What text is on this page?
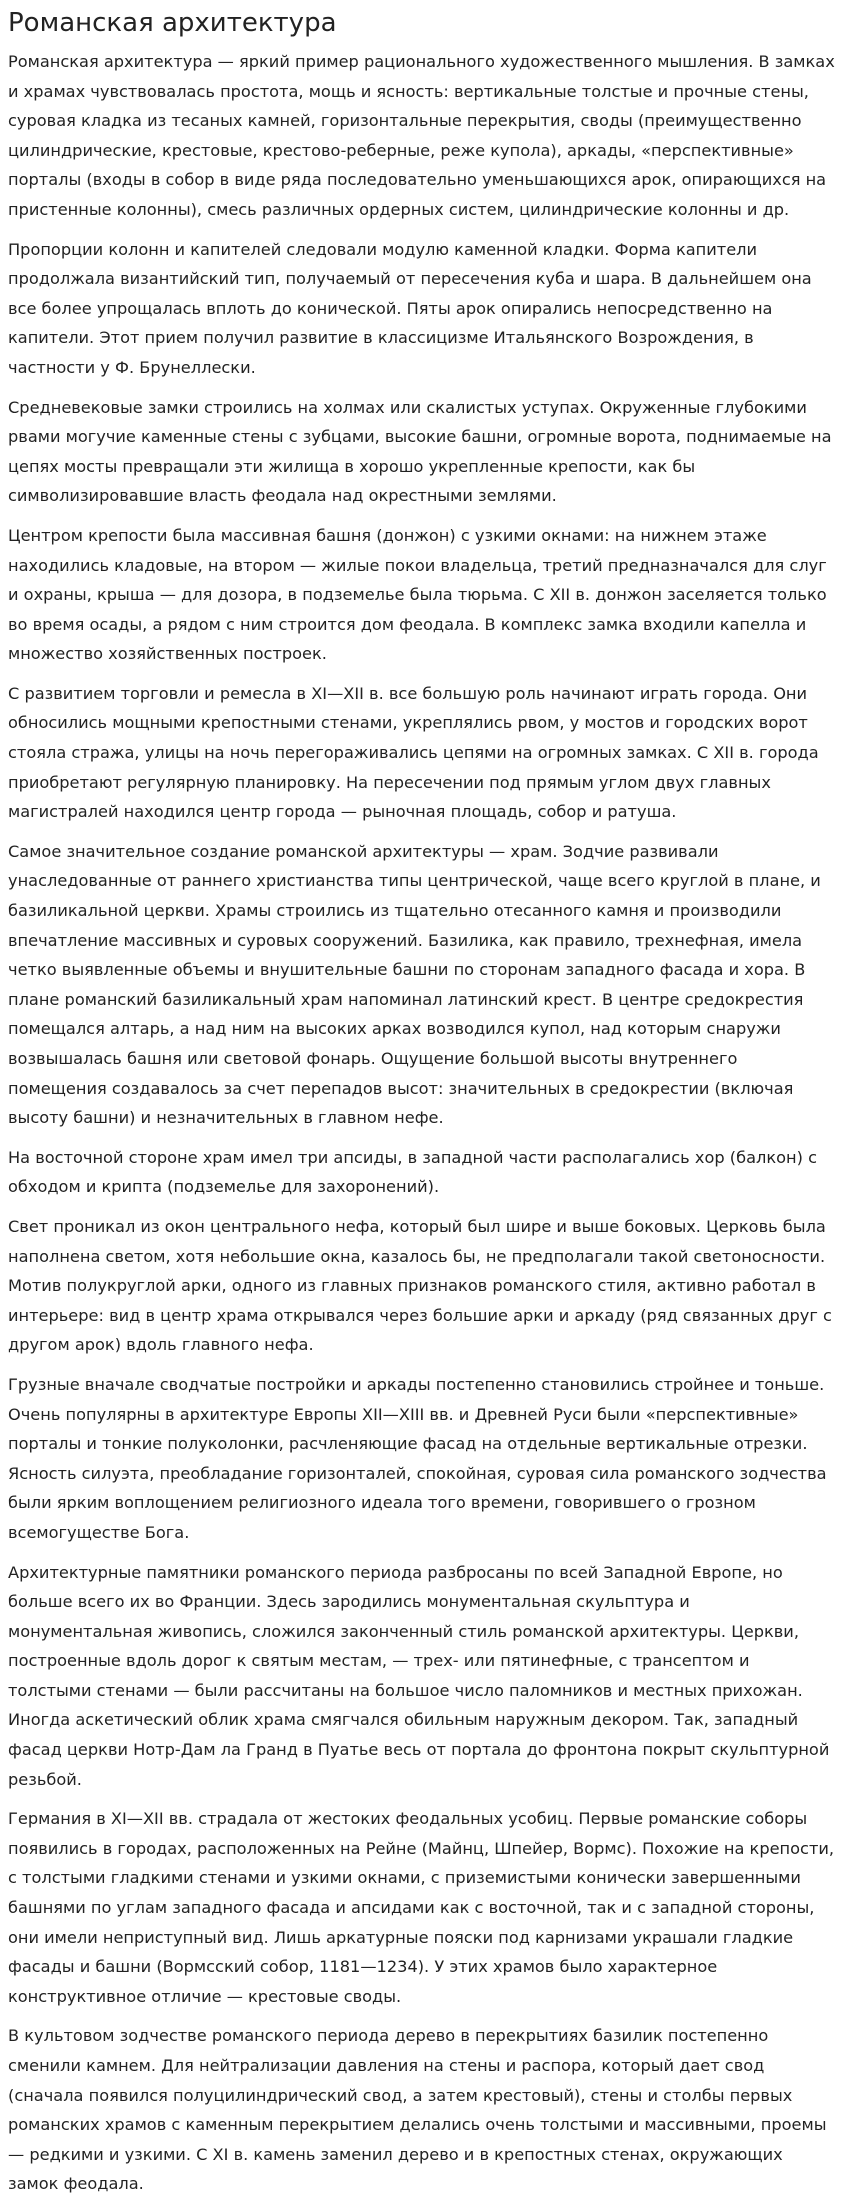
Романская архитектура

Романская архитектура — яркий пример рационального художественного мышления. В замках и храмах чувствовалась простота, мощь и ясность: вертикальные толстые и прочные стены, суровая кладка из тесаных камней, горизонтальные перекрытия, своды (преимущественно цилиндрические, крестовые, крестово-реберные, реже купола), аркады, «перспективные» порталы (входы в собор в виде ряда последовательно уменьшающихся арок, опирающихся на пристенные колонны), смесь различных ордерных систем, цилиндрические колонны и др.

Пропорции колонн и капителей следовали модулю каменной кладки. Форма капители продолжала византийский тип, получаемый от пересечения куба и шара. В дальнейшем она все более упрощалась вплоть до конической. Пяты арок опирались непосредственно на капители. Этот прием получил развитие в классицизме Итальянского Возрождения, в частности у Ф. Брунеллески.

Средневековые замки строились на холмах или скалистых уступах. Окруженные глубокими рвами могучие каменные стены с зубцами, высокие башни, огромные ворота, поднимаемые на цепях мосты превращали эти жилища в хорошо укрепленные крепости, как бы символизировавшие власть феодала над окрестными землями.

Центром крепости была массивная башня (донжон) с узкими окнами: на нижнем этаже находились кладовые, на втором — жилые покои владельца, третий предназначался для слуг и охраны, крыша — для дозора, в подземелье была тюрьма. С XII в. донжон заселяется только во время осады, а рядом с ним строится дом феодала. В комплекс замка входили капелла и множество хозяйственных построек.

С развитием торговли и ремесла в XI—XII в. все большую роль начинают играть города. Они обносились мощными крепостными стенами, укреплялись рвом, у мостов и городских ворот стояла стража, улицы на ночь перегораживались цепями на огромных замках. С XII в. города приобретают регулярную планировку. На пересечении под прямым углом двух главных магистралей находился центр города — рыночная площадь, собор и ратуша.

Самое значительное создание романской архитектуры — храм. Зодчие развивали унаследованные от раннего христианства типы центрической, чаще всего круглой в плане, и базиликальной церкви. Храмы строились из тщательно отесанного камня и производили впечатление массивных и суровых сооружений. Базилика, как правило, трехнефная, имела четко выявленные объемы и внушительные башни по сторонам западного фасада и хора. В плане романский базиликальный храм напоминал латинский крест. В центре средокрестия помещался алтарь, а над ним на высоких арках возводился купол, над которым снаружи возвышалась башня или световой фонарь. Ощущение большой высоты внутреннего помещения создавалось за счет перепадов высот: значительных в средокрестии (включая высоту башни) и незначительных в главном нефе.

На восточной стороне храм имел три апсиды, в западной части располагались хор (балкон) с обходом и крипта (подземелье для захоронений).

Свет проникал из окон центрального нефа, который был шире и выше боковых. Церковь была наполнена светом, хотя небольшие окна, казалось бы, не предполагали такой светоносности. Мотив полукруглой арки, одного из главных признаков романского стиля, активно работал в интерьере: вид в центр храма открывался через большие арки и аркаду (ряд связанных друг с другом арок) вдоль главного нефа.

Грузные вначале сводчатые постройки и аркады постепенно становились стройнее и тоньше. Очень популярны в архитектуре Европы XII—XIII вв. и Древней Руси были «перспективные» порталы и тонкие полуколонки, расчленяющие фасад на отдельные вертикальные отрезки. Ясность силуэта, преобладание горизонталей, спокойная, суровая сила романского зодчества были ярким воплощением религиозного идеала того времени, говорившего о грозном всемогуществе Бога.

Архитектурные памятники романского периода разбросаны по всей Западной Европе, но больше всего их во Франции. Здесь зародились монументальная скульптура и монументальная живопись, сложился законченный стиль романской архитектуры. Церкви, построенные вдоль дорог к святым местам, — трех- или пятинефные, с трансептом и толстыми стенами — были рассчитаны на большое число паломников и местных прихожан. Иногда аскетический облик храма смягчался обильным наружным декором. Так, западный фасад церкви Нотр-Дам ла Гранд в Пуатье весь от портала до фронтона покрыт скульптурной резьбой.

Германия в XI—XII вв. страдала от жестоких феодальных усобиц. Первые романские соборы появились в городах, расположенных на Рейне (Майнц, Шпейер, Вормс). Похожие на крепости, с толстыми гладкими стенами и узкими окнами, с приземистыми конически завершенными башнями по углам западного фасада и апсидами как с восточной, так и с западной стороны, они имели неприступный вид. Лишь аркатурные пояски под карнизами украшали гладкие фасады и башни (Вормсский собор, 1181—1234). У этих храмов было характерное конструктивное отличие — крестовые своды.

В культовом зодчестве романского периода дерево в перекрытиях базилик постепенно сменили камнем. Для нейтрализации давления на стены и распора, который дает свод (сначала появился полуцилиндрический свод, а затем крестовый), стены и столбы первых романских храмов с каменным перекрытием делались очень толстыми и массивными, проемы — редкими и узкими. С XI в. камень заменил дерево и в крепостных стенах, окружающих замок феодала.
